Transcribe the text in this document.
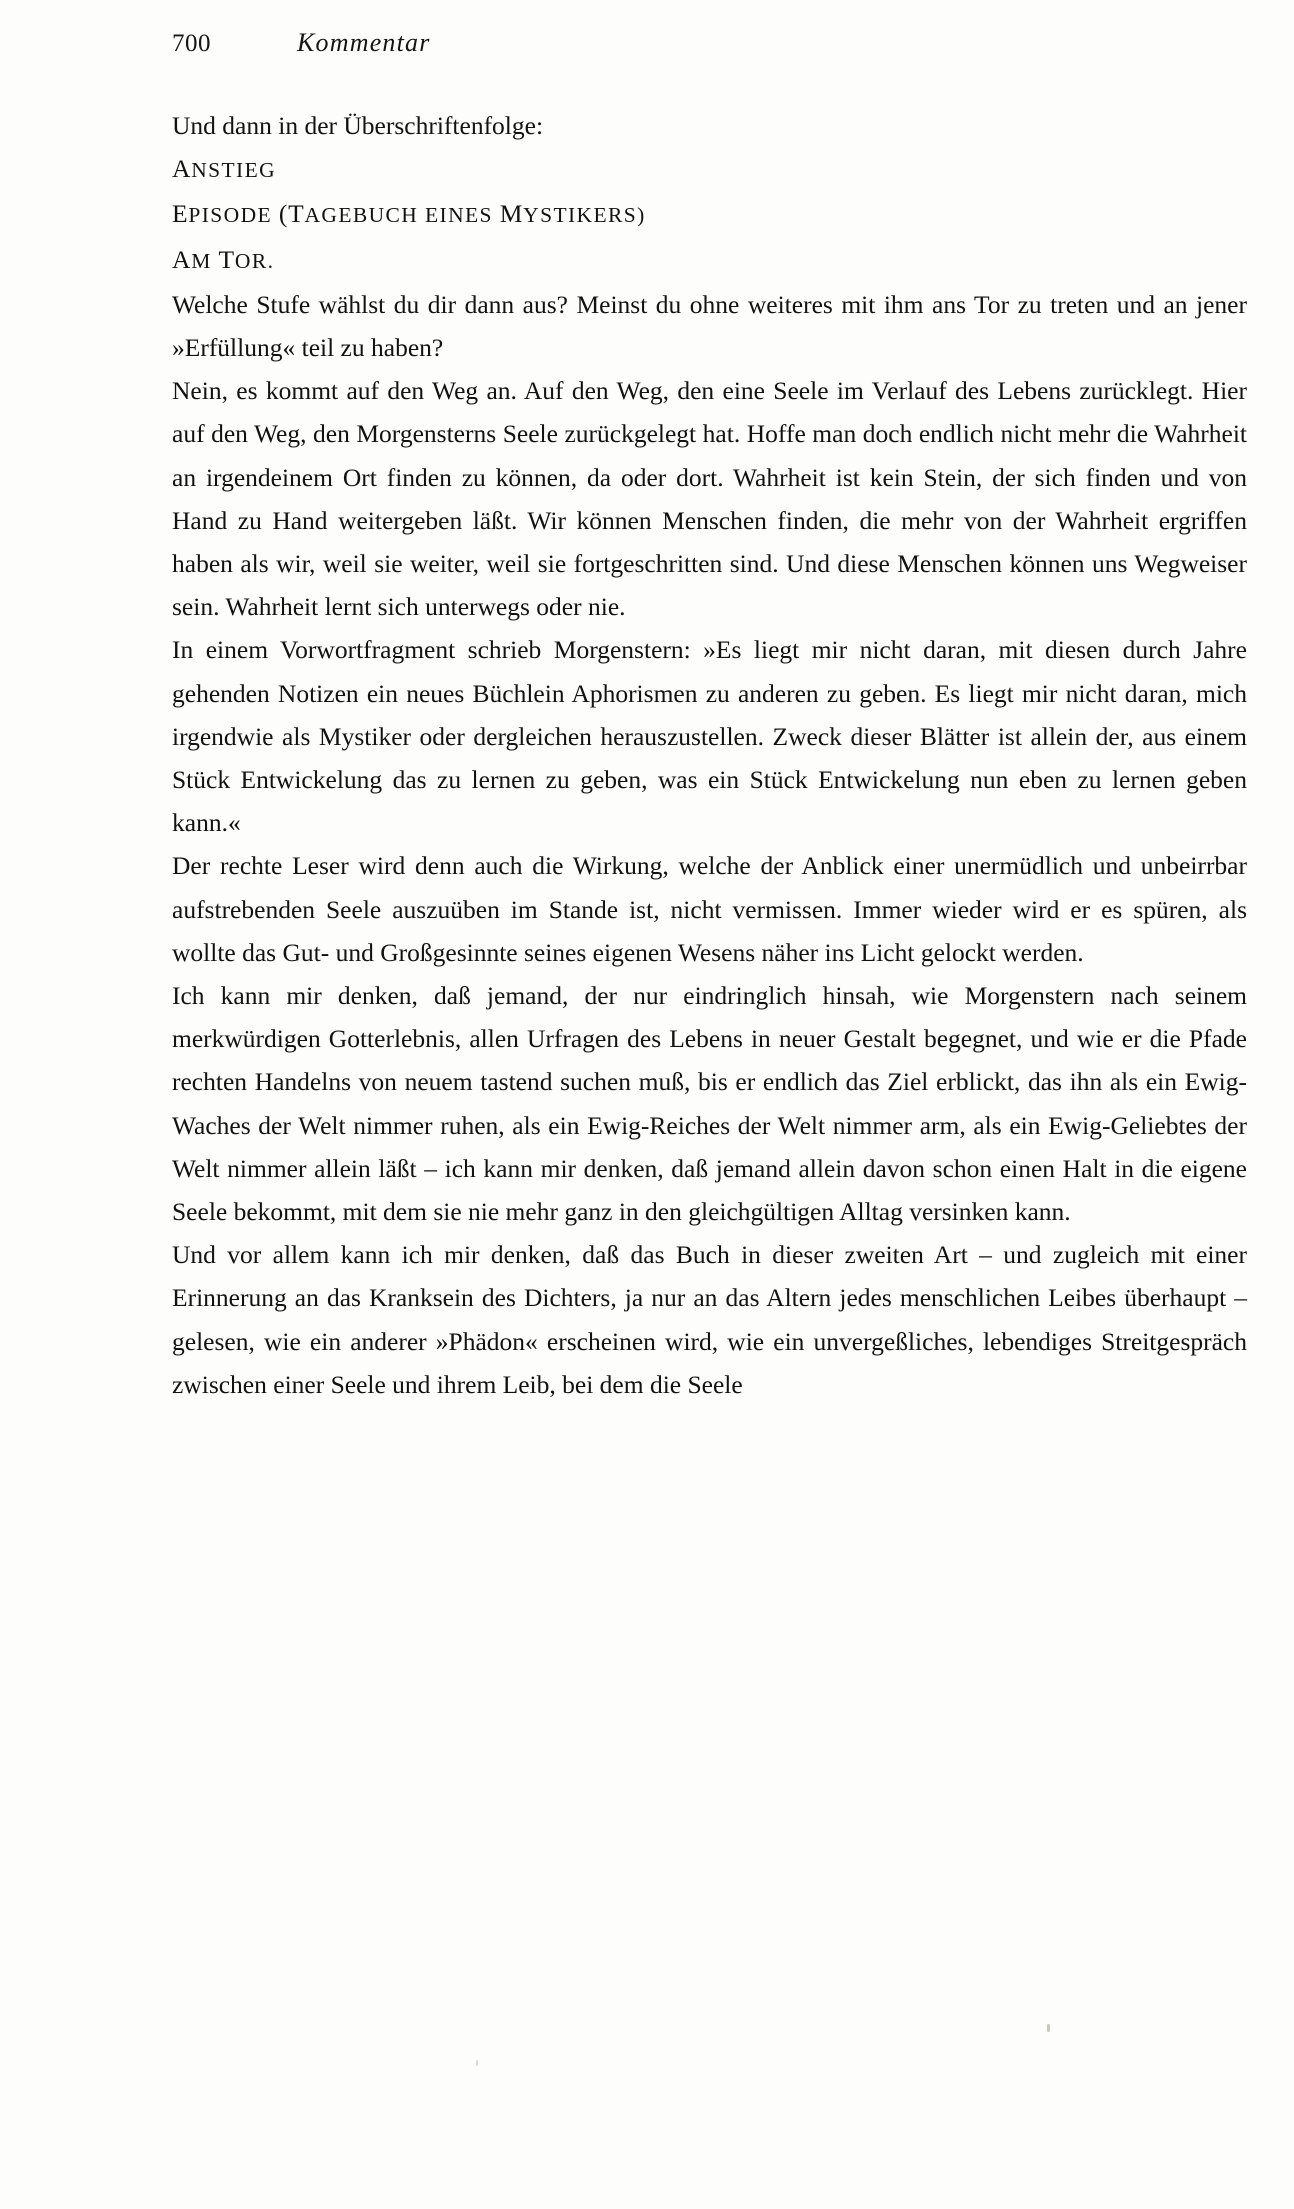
700	Kommentar

Und dann in der Überschriftenfolge:

ANSTIEG

EPISODE (TAGEBUCH EINES MYSTIKERS)

AM TOR.

Welche Stufe wählst du dir dann aus? Meinst du ohne weiteres mit ihm ans Tor zu treten und an jener »Erfüllung« teil zu haben?

Nein, es kommt auf den Weg an. Auf den Weg, den eine Seele im Verlauf des Lebens zurücklegt. Hier auf den Weg, den Morgensterns Seele zurückgelegt hat. Hoffe man doch endlich nicht mehr die Wahrheit an irgendeinem Ort finden zu können, da oder dort. Wahrheit ist kein Stein, der sich finden und von Hand zu Hand weitergeben läßt. Wir können Menschen finden, die mehr von der Wahrheit ergriffen haben als wir, weil sie weiter, weil sie fortgeschritten sind. Und diese Menschen können uns Wegweiser sein. Wahrheit lernt sich unterwegs oder nie.

In einem Vorwortfragment schrieb Morgenstern: »Es liegt mir nicht daran, mit diesen durch Jahre gehenden Notizen ein neues Büchlein Aphorismen zu anderen zu geben. Es liegt mir nicht daran, mich irgendwie als Mystiker oder dergleichen herauszustellen. Zweck dieser Blätter ist allein der, aus einem Stück Entwickelung das zu lernen zu geben, was ein Stück Entwickelung nun eben zu lernen geben kann.«

Der rechte Leser wird denn auch die Wirkung, welche der Anblick einer unermüdlich und unbeirrbar aufstrebenden Seele auszuüben im Stande ist, nicht vermissen. Immer wieder wird er es spüren, als wollte das Gut- und Großgesinnte seines eigenen Wesens näher ins Licht gelockt werden.

Ich kann mir denken, daß jemand, der nur eindringlich hinsah, wie Morgenstern nach seinem merkwürdigen Gotterlebnis, allen Urfragen des Lebens in neuer Gestalt begegnet, und wie er die Pfade rechten Handelns von neuem tastend suchen muß, bis er endlich das Ziel erblickt, das ihn als ein Ewig-Waches der Welt nimmer ruhen, als ein Ewig-Reiches der Welt nimmer arm, als ein Ewig-Geliebtes der Welt nimmer allein läßt – ich kann mir denken, daß jemand allein davon schon einen Halt in die eigene Seele bekommt, mit dem sie nie mehr ganz in den gleichgültigen Alltag versinken kann.

Und vor allem kann ich mir denken, daß das Buch in dieser zweiten Art – und zugleich mit einer Erinnerung an das Kranksein des Dichters, ja nur an das Altern jedes menschlichen Leibes überhaupt – gelesen, wie ein anderer »Phädon« erscheinen wird, wie ein unvergeßliches, lebendiges Streitgespräch zwischen einer Seele und ihrem Leib, bei dem die Seele
